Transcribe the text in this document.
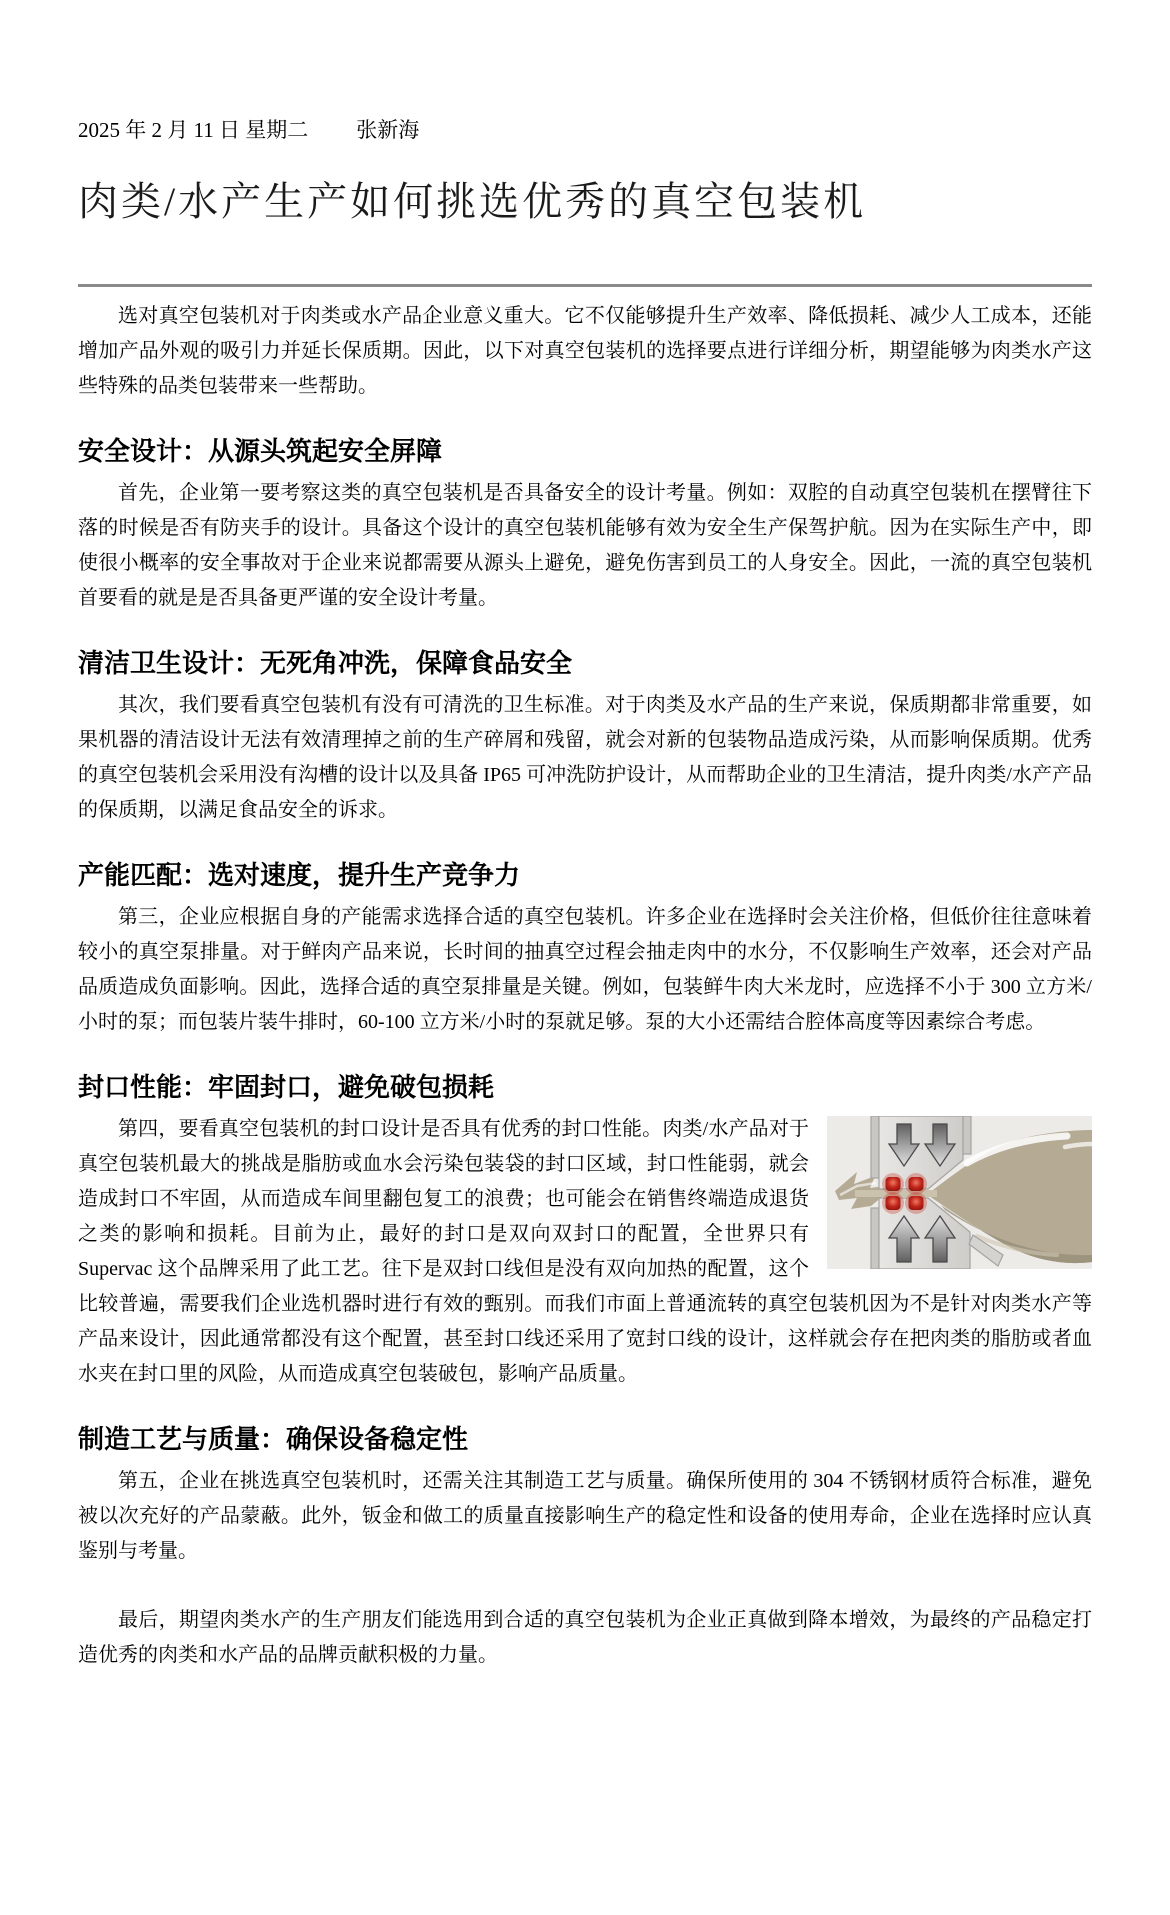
2025 年 2 月 11 日 星期二 张新海
肉类/水产生产如何挑选优秀的真空包装机

选对真空包装机对于肉类或水产品企业意义重大。它不仅能够提升生产效率、降低损耗、减少人工成本，还能增加产品外观的吸引力并延长保质期。因此，以下对真空包装机的选择要点进行详细分析，期望能够为肉类水产这些特殊的品类包装带来一些帮助。

安全设计：从源头筑起安全屏障

首先，企业第一要考察这类的真空包装机是否具备安全的设计考量。例如：双腔的自动真空包装机在摆臂往下落的时候是否有防夹手的设计。具备这个设计的真空包装机能够有效为安全生产保驾护航。因为在实际生产中，即使很小概率的安全事故对于企业来说都需要从源头上避免，避免伤害到员工的人身安全。因此，一流的真空包装机首要看的就是是否具备更严谨的安全设计考量。

清洁卫生设计：无死角冲洗，保障食品安全

其次，我们要看真空包装机有没有可清洗的卫生标准。对于肉类及水产品的生产来说，保质期都非常重要，如果机器的清洁设计无法有效清理掉之前的生产碎屑和残留，就会对新的包装物品造成污染，从而影响保质期。优秀的真空包装机会采用没有沟槽的设计以及具备 IP65 可冲洗防护设计，从而帮助企业的卫生清洁，提升肉类/水产产品的保质期，以满足食品安全的诉求。

产能匹配：选对速度，提升生产竞争力

第三，企业应根据自身的产能需求选择合适的真空包装机。许多企业在选择时会关注价格，但低价往往意味着较小的真空泵排量。对于鲜肉产品来说，长时间的抽真空过程会抽走肉中的水分，不仅影响生产效率，还会对产品品质造成负面影响。因此，选择合适的真空泵排量是关键。例如，包装鲜牛肉大米龙时，应选择不小于 300 立方米/小时的泵；而包装片装牛排时，60-100 立方米/小时的泵就足够。泵的大小还需结合腔体高度等因素综合考虑。

封口性能：牢固封口，避免破包损耗

第四，要看真空包装机的封口设计是否具有优秀的封口性能。肉类/水产品对于真空包装机最大的挑战是脂肪或血水会污染包装袋的封口区域，封口性能弱，就会造成封口不牢固，从而造成车间里翻包复工的浪费；也可能会在销售终端造成退货之类的影响和损耗。目前为止，最好的封口是双向双封口的配置，全世界只有 Supervac 这个品牌采用了此工艺。往下是双封口线但是没有双向加热的配置，这个比较普遍，需要我们企业选机器时进行有效的甄别。而我们市面上普通流转的真空包装机因为不是针对肉类水产等产品来设计，因此通常都没有这个配置，甚至封口线还采用了宽封口线的设计，这样就会存在把肉类的脂肪或者血水夹在封口里的风险，从而造成真空包装破包，影响产品质量。

制造工艺与质量：确保设备稳定性

第五，企业在挑选真空包装机时，还需关注其制造工艺与质量。确保所使用的 304 不锈钢材质符合标准，避免被以次充好的产品蒙蔽。此外，钣金和做工的质量直接影响生产的稳定性和设备的使用寿命，企业在选择时应认真鉴别与考量。

最后，期望肉类水产的生产朋友们能选用到合适的真空包装机为企业正真做到降本增效，为最终的产品稳定打造优秀的肉类和水产品的品牌贡献积极的力量。
